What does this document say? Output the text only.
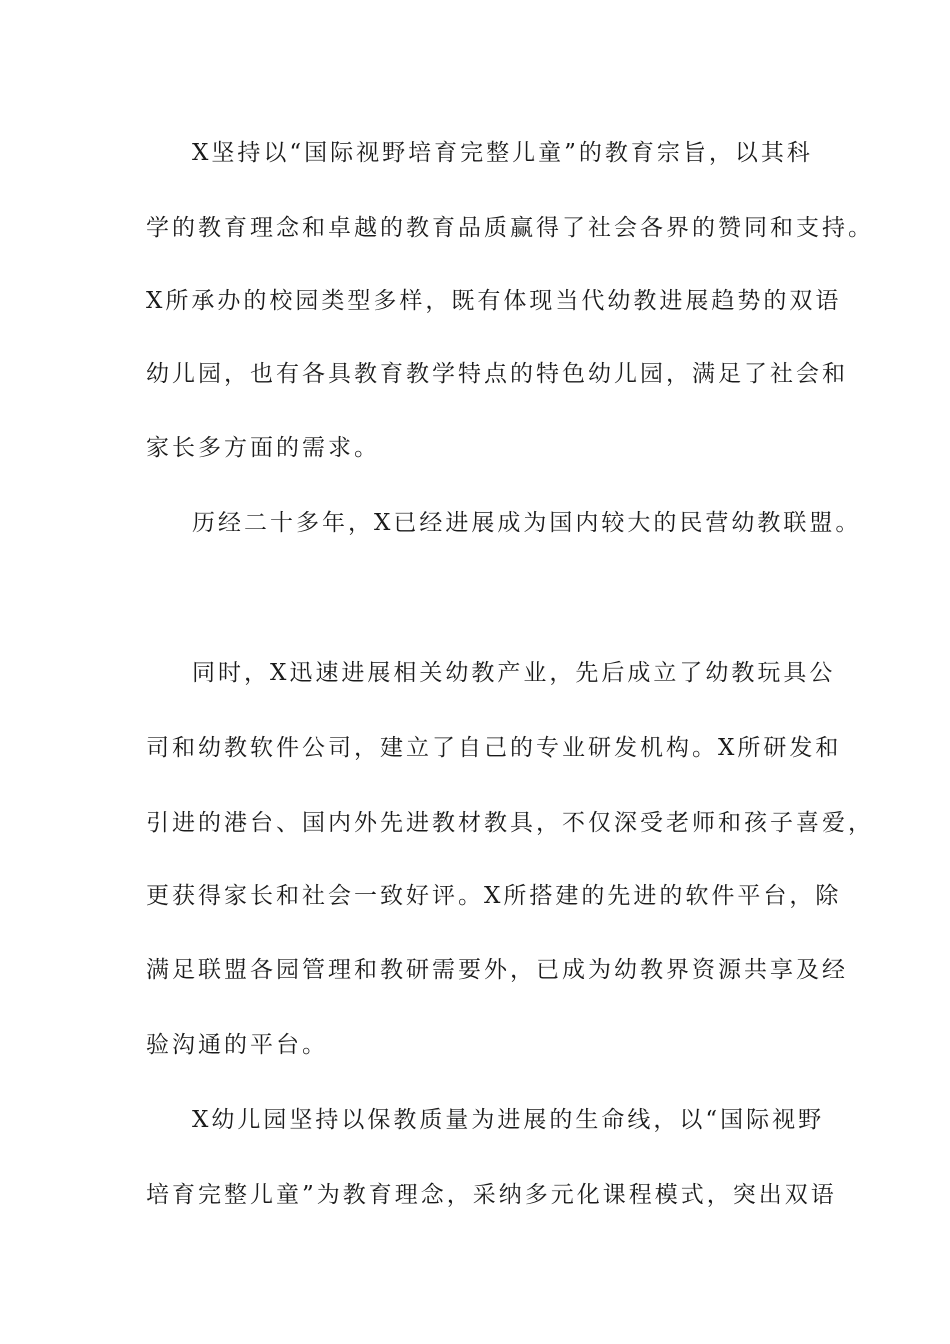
X坚持以“国际视野培育完整儿童”的教育宗旨，以其科
学的教育理念和卓越的教育品质赢得了社会各界的赞同和支持。
X所承办的校园类型多样，既有体现当代幼教进展趋势的双语
幼儿园，也有各具教育教学特点的特色幼儿园，满足了社会和
家长多方面的需求。
历经二十多年，X已经进展成为国内较大的民营幼教联盟。
同时，X迅速进展相关幼教产业，先后成立了幼教玩具公
司和幼教软件公司，建立了自己的专业研发机构。X所研发和
引进的港台、国内外先进教材教具，不仅深受老师和孩子喜爱，
更获得家长和社会一致好评。X所搭建的先进的软件平台，除
满足联盟各园管理和教研需要外，已成为幼教界资源共享及经
验沟通的平台。
X幼儿园坚持以保教质量为进展的生命线，以“国际视野
培育完整儿童”为教育理念，采纳多元化课程模式，突出双语
